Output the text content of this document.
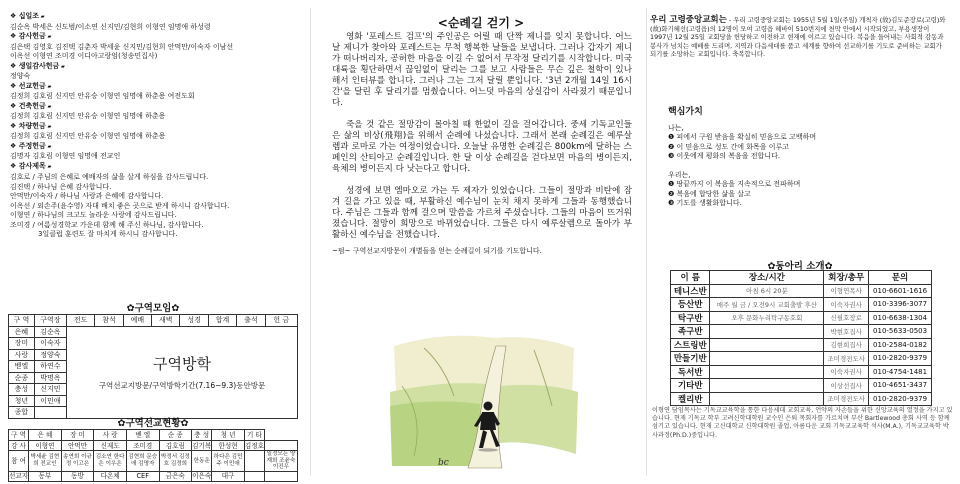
❖ 십일조 ▰
김순옥 박세은 신도범/이소연 신지민/김현희 이형연 임명애 하성령
❖ 감사헌금 ▰
김은택 김영호 김진택 김춘자 박세윤 신지민/김현희 안먹만/이숙자 이남선
이옥선 이형연 조미경 이디아고랑엄(청송민집사)
❖ 생일감사헌금 ▰
정양숙
❖ 선교헌금 ▰
김정희 김호림 신지민 안유승 이형연 임명애 하춘용 여전도회
❖ 건축헌금 ▰
김정희 김호림 신지민 안유승 이형연 임명애 하춘용
❖ 차량헌금 ▰
김정희 김호림 신지민 안유승 이형연 임명애 하춘용
❖ 주정헌금 ▰
김명자 김호림 이형연 임명애 전교인
❖ 감사제목 ▰
김호로 / 주님의 은혜로 예배자의 삶을 살게 하심을 감사드립니다.
김진택 / 하나님 은혜 감사합니다.
안먹만/이숙자 / 하나님 사랑과 은혜에 감사합니다.
이옥선 / 외손주(윤수영) 자대 배치 좋은 곳으로 받게 하시니 감사합니다.
이형연 / 하나님의 크고도 놀라운 사랑에 감사드립니다.
조미경 / 여름성경학교 가운데 함께 해 주신 하나님, 감사합니다.
3일클럽 훈련도 잘 마치게 하시니 감사합니다.
✿구역모임✿
구 역	구역장	전도	참석	예배	새벽	성경	합계	출석	헌 금
은혜	김순옥	구역방학
구역선교지방문/구역방학기간(7.16~9.3)동안방문							

장미	이숙자								
사랑	정양숙								
벧엘	하연수								
순종	박명옥								
충성	신지민								
청년	이민애								
종합									
✿구역선교현황✿
구 역	은 혜	장 미	사 랑	벧 엘	순 종	충 성	청 년	기 타	
강 사	이형연	안먹만	신재도	조미경	김호림	김기복	한성현	김정호	
참 여	박세윤 김현희 전교인	송연희 이규정 이고은	김소연 한다은 이우은	김현희 문승애 김명자	박정서 김정호 김정희	한동운	하다은 김민주 이민애		일정모든 양재희 조윤숙 이진우
선교지	동부	동방	다온체	CEF	금은숙	이은숙	대구		
<순례길 걷기 >

영화 '포레스트 검프'의 주인공은 어릴 때 단짝 제니를 잊지 못합니다. 어느 날 제니가 찾아와 포레스트는 무척 행복한 날들을 보냅니다. 그러나 갑자기 제니가 떠나버리자, 공허한 마음을 이길 수 없어서 무작정 달리기를 시작합니다. 미국 대륙을 횡단하면서 끊임없이 달리는 그를 보고 사람들은 무슨 깊은 철학이 있나 해서 인터뷰를 합니다. 그러나 그는 그저 달릴 뿐입니다. '3년 2개월 14일 16시간'을 달린 후 달리기를 멈췄습니다. 어느덧 마음의 상실감이 사라졌기 때문입니다.

죽을 것 같은 절망감이 몰아칠 때 한없이 길을 걸어갑니다. 중세 기독교인들은 삶의 비상(飛翔)을 위해서 순례에 나섰습니다. 그래서 본래 순례길은 예루살렘과 로마로 가는 여정이었습니다. 오늘날 유명한 순례길은 800km에 달하는 스페인의 산티아고 순례길입니다. 한 달 이상 순례길을 걷다보면 마음의 병이든지, 육체의 병이든지 다 낫는다고 합니다.

성경에 보면 엠마오로 가는 두 제자가 있었습니다. 그들이 절망과 비탄에 잠겨 길을 가고 있을 때, 부활하신 예수님이 눈치 채지 못하게 그들과 동행했습니다. 주님은 그들과 함께 걸으며 말씀을 가르쳐 주셨습니다. 그들의 마음이 뜨거워졌습니다. 절망이 희망으로 바뀌었습니다. 그들은 다시 예루살렘으로 돌아가 부활하신 예수님을 전했습니다.

~펌~ 구역선교지방문이 개별들을 얻는 순례길이 되기를 기도합니다.

bc
우리 고령중앙교회는 - 우리 고령중앙교회는 1955년 5월 1일(주일) 개척자 (故)김도준장로(고령)와 (故)화기혜선(고령읍)의 12명이 모여 고령읍 헤바이 510번지에 천막 안에서 시작되었고, 부용생장이 1997년 12월 25일 교회당을 헌당하고 이전하고 현재에 이르고 있습니다. 복음을 들어내는 사회적 감동과 봉사가 넘치는 예배를 드리며, 지역과 다음세대를 품고 세계를 향하여 선교하기를 기도로 준비하는 교회가 되기를 소망하는 교회입니다. 축복합니다.
핵심가치
나는,
❶ 피에서 구원 받음을 확실히 믿음으로 고백하며
❷ 이 믿음으로 성도 간에 화목을 이루고
❸ 이웃에게 평화의 복음을 전합니다.
우리는,
❶ 땅끝까지 이 복음을 지속적으로 전파하며
❷ 복음에 합당한 삶을 살고
❸ 기도를 생활화합니다.
✿동아리 소개✿
이 름	장소/시간	회장/총무	문의
테니스반	아침 6시 20분	이형연목사	010-6601-1616
등산반	매주 월 금 / 오전9시 교회출발 후산	이숙자권사	010-3396-3077
탁구반	오후 문화누리탁구동호회	신필호장로	010-6638-1304
족구반		박현호집사	010-5633-0503
스트링반		김현희집사	010-2584-0182
만들기반		조미경전도사	010-2820-9379
독서반		이숙자권사	010-4754-1481
기타반		이상선집사	010-4651-3437
켈리반		조미경전도사	010-2820-9379
이형연 담임목사는 기독교교육학을 통한 다음세대 교회교육, 언약의 자손들을 위한 신앙교육의 열정을 가지고 있습니다. 현재 기독교 학부 고려신학대학원 교수인 은퇴 목회자를 가르치며 부산 Bartlewood 총회 사역 등 함께 섬기고 있습니다. 현재 고신대학교 신학대학원 졸업, 아름다운 교회 기독교교육학 석사(M.A.), 기독교교육학 박사과정(Ph.D.)중입니다.
